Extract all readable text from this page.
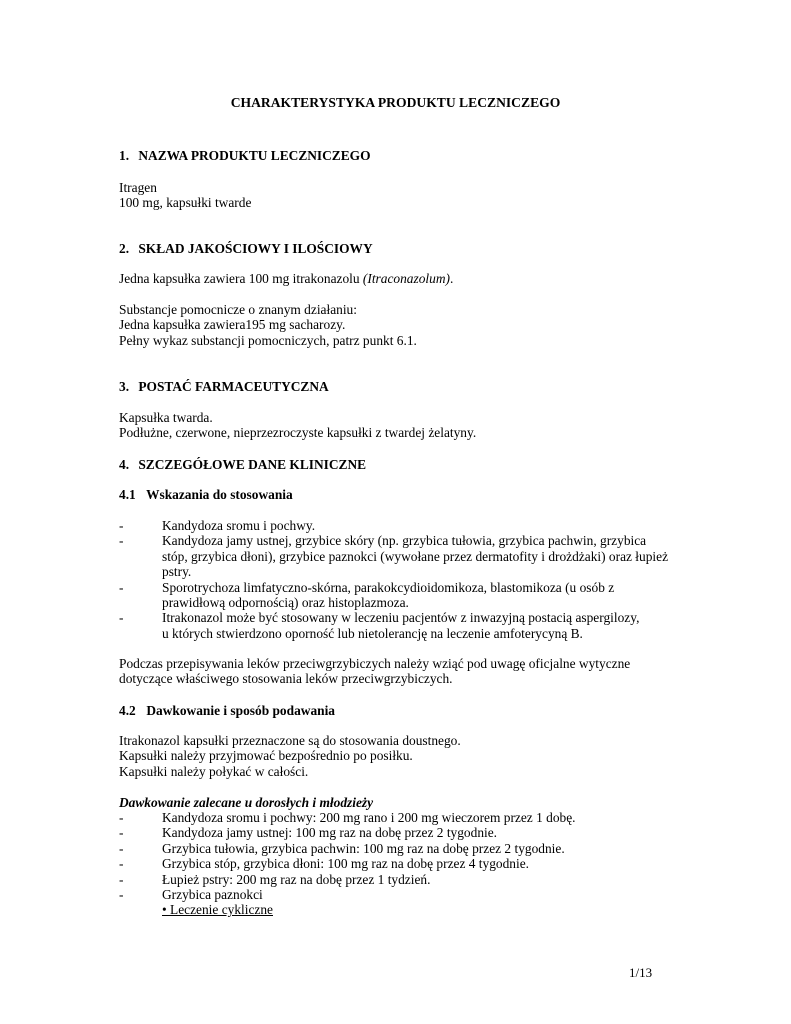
CHARAKTERYSTYKA PRODUKTU LECZNICZEGO
1. NAZWA PRODUKTU LECZNICZEGO
Itragen
100 mg, kapsułki twarde
2. SKŁAD JAKOŚCIOWY I ILOŚCIOWY
Jedna kapsułka zawiera 100 mg itrakonazolu (Itraconazolum).
Substancje pomocnicze o znanym działaniu:
Jedna kapsułka zawiera195 mg sacharozy.
Pełny wykaz substancji pomocniczych, patrz punkt 6.1.
3. POSTAĆ FARMACEUTYCZNA
Kapsułka twarda.
Podłużne, czerwone, nieprzezroczyste kapsułki z twardej żelatyny.
4. SZCZEGÓŁOWE DANE KLINICZNE
4.1 Wskazania do stosowania
-	Kandydoza sromu i pochwy.
-	Kandydoza jamy ustnej, grzybice skóry (np. grzybica tułowia, grzybica pachwin, grzybica
stóp, grzybica dłoni), grzybice paznokci (wywołane przez dermatofity i drożdżaki) oraz łupież
pstry.
-	Sporotrychoza limfatyczno-skórna, parakokcydioidomikoza, blastomikoza (u osób z
prawidłową odpornością) oraz histoplazmoza.
-	Itrakonazol może być stosowany w leczeniu pacjentów z inwazyjną postacią aspergilozy,
u których stwierdzono oporność lub nietolerancję na leczenie amfoterycyną B.
Podczas przepisywania leków przeciwgrzybiczych należy wziąć pod uwagę oficjalne wytyczne
dotyczące właściwego stosowania leków przeciwgrzybiczych.
4.2 Dawkowanie i sposób podawania
Itrakonazol kapsułki przeznaczone są do stosowania doustnego.
Kapsułki należy przyjmować bezpośrednio po posiłku.
Kapsułki należy połykać w całości.
Dawkowanie zalecane u dorosłych i młodzieży
-	Kandydoza sromu i pochwy: 200 mg rano i 200 mg wieczorem przez 1 dobę.
-	Kandydoza jamy ustnej: 100 mg raz na dobę przez 2 tygodnie.
-	Grzybica tułowia, grzybica pachwin: 100 mg raz na dobę przez 2 tygodnie.
-	Grzybica stóp, grzybica dłoni: 100 mg raz na dobę przez 4 tygodnie.
-	Łupież pstry: 200 mg raz na dobę przez 1 tydzień.
-	Grzybica paznokci
• Leczenie cykliczne
1/13
